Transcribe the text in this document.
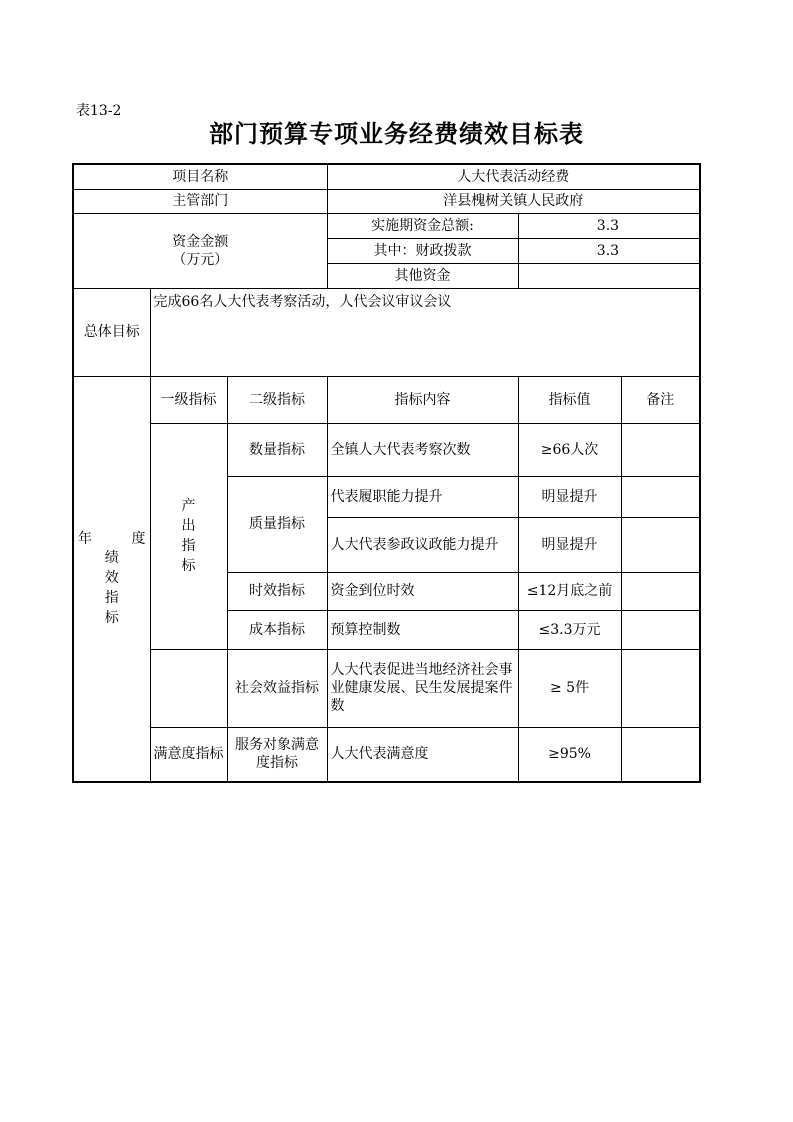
表13-2
部门预算专项业务经费绩效目标表
项目名称			人大代表活动经费		
主管部门			洋县槐树关镇人民政府		

资金金额
（万元）			实施期资金总额:	3.3	
			其中：财政拨款	3.3	
			其他资金		
总体目标	完成66名人大代表考察活动，人代会议审议会议				

年 度
绩效指标	一级指标	二级指标	指标内容	指标值	备注
	产出指标	数量指标	全镇人大代表考察次数	≥66人次	
		质量指标	代表履职能力提升	明显提升	
			人大代表参政议政能力提升	明显提升	
		时效指标	资金到位时效	≤12月底之前	
		成本指标	预算控制数	≤3.3万元	
		社会效益指标	人大代表促进当地经济社会事业健康发展、民生发展提案件数	≥ 5件	
	满意度指标	服务对象满意度指标	人大代表满意度	≥95%	
